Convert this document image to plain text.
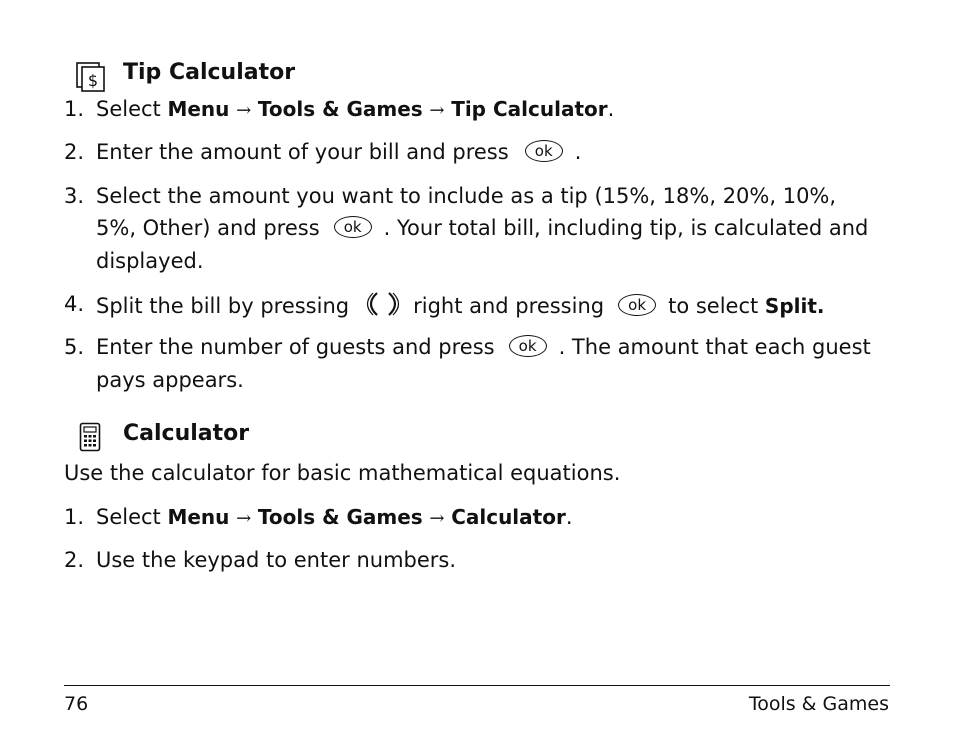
$ Tip Calculator
1. Select Menu → Tools & Games → Tip Calculator.
2. Enter the amount of your bill and press	ok	.
3. Select the amount you want to include as a tip (15%, 18%, 20%, 10%,
5%, Other) and press	ok	. Your total bill, including tip, is calculated and
displayed.
4. Split the bill by pressing	right and pressing	ok	to select Split.
5. Enter the number of guests and press	ok	. The amount that each guest
pays appears.
Calculator
Use the calculator for basic mathematical equations.
1. Select Menu → Tools & Games → Calculator.
2. Use the keypad to enter numbers.
76	Tools & Games
